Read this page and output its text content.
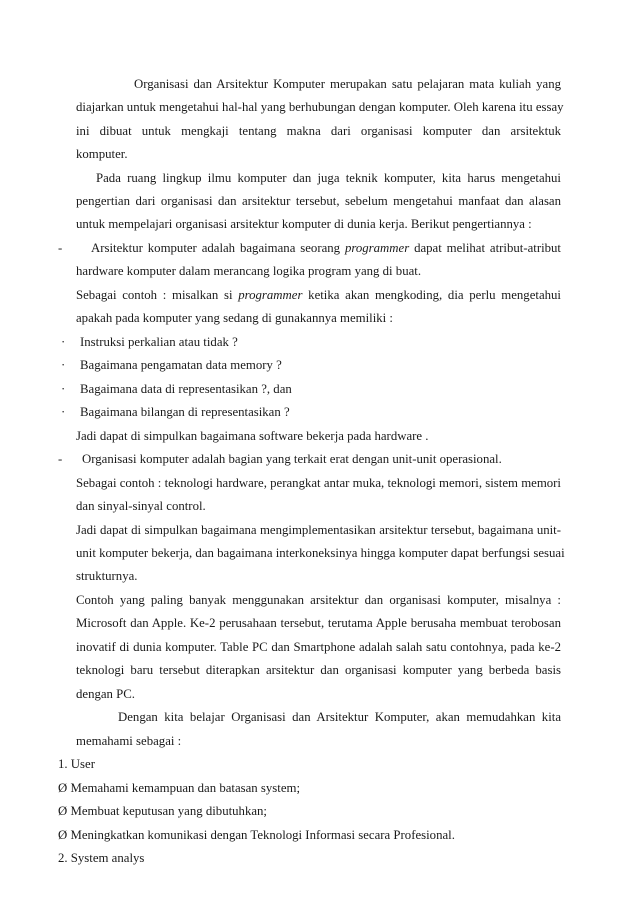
Organisasi dan Arsitektur Komputer merupakan satu pelajaran mata kuliah yang
diajarkan untuk mengetahui hal-hal yang berhubungan dengan komputer. Oleh karena itu essay
ini dibuat untuk mengkaji tentang makna dari organisasi komputer dan arsitektuk
komputer.
Pada ruang lingkup ilmu komputer dan juga teknik komputer, kita harus mengetahui
pengertian dari organisasi dan arsitektur tersebut, sebelum mengetahui manfaat dan alasan
untuk mempelajari organisasi arsitektur komputer di dunia kerja. Berikut pengertiannya :
- Arsitektur komputer adalah bagaimana seorang programmer dapat melihat atribut-atribut
hardware komputer dalam merancang logika program yang di buat.
Sebagai contoh : misalkan si programmer ketika akan mengkoding, dia perlu mengetahui
apakah pada komputer yang sedang di gunakannya memiliki :
· Instruksi perkalian atau tidak ?
· Bagaimana pengamatan data memory ?
· Bagaimana data di representasikan ?, dan
· Bagaimana bilangan di representasikan ?
Jadi dapat di simpulkan bagaimana software bekerja pada hardware .
- Organisasi komputer adalah bagian yang terkait erat dengan unit-unit operasional.
Sebagai contoh : teknologi hardware, perangkat antar muka, teknologi memori, sistem memori
dan sinyal-sinyal control.
Jadi dapat di simpulkan bagaimana mengimplementasikan arsitektur tersebut, bagaimana unit-
unit komputer bekerja, dan bagaimana interkoneksinya hingga komputer dapat berfungsi sesuai
strukturnya.
Contoh yang paling banyak menggunakan arsitektur dan organisasi komputer, misalnya :
Microsoft dan Apple. Ke-2 perusahaan tersebut, terutama Apple berusaha membuat terobosan
inovatif di dunia komputer. Table PC dan Smartphone adalah salah satu contohnya, pada ke-2
teknologi baru tersebut diterapkan arsitektur dan organisasi komputer yang berbeda basis
dengan PC.
Dengan kita belajar Organisasi dan Arsitektur Komputer, akan memudahkan kita
memahami sebagai :
1. User
Ø Memahami kemampuan dan batasan system;
Ø Membuat keputusan yang dibutuhkan;
Ø Meningkatkan komunikasi dengan Teknologi Informasi secara Profesional.
2. System analys
